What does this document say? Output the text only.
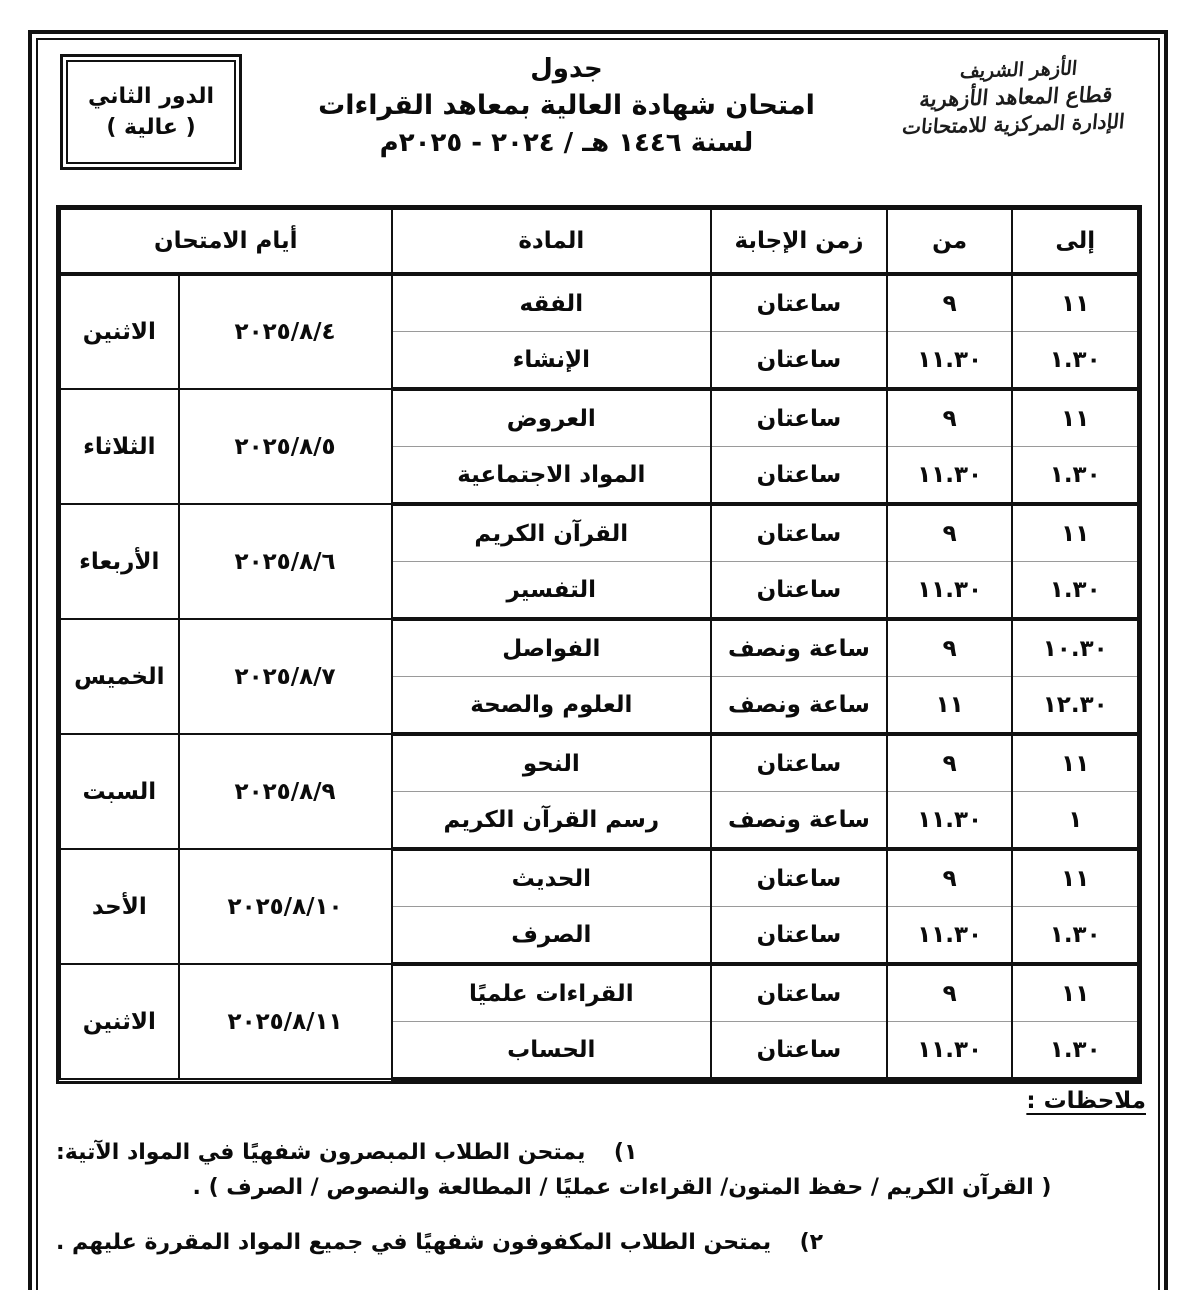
الدور الثاني
( عالية )
جدول
امتحان شهادة العالية بمعاهد القراءات
لسنة ١٤٤٦ هـ / ٢٠٢٤ - ٢٠٢٥م
الأزهر الشريف
قطاع المعاهد الأزهرية
الإدارة المركزية للامتحانات
إلى	من	زمن الإجابة	المادة	أيام الامتحان	
١١	٩	ساعتان	الفقه	٢٠٢٥/٨/٤	الاثنين
١.٣٠	١١.٣٠	ساعتان	الإنشاء		
١١	٩	ساعتان	العروض	٢٠٢٥/٨/٥	الثلاثاء
١.٣٠	١١.٣٠	ساعتان	المواد الاجتماعية		
١١	٩	ساعتان	القرآن الكريم	٢٠٢٥/٨/٦	الأربعاء
١.٣٠	١١.٣٠	ساعتان	التفسير		
١٠.٣٠	٩	ساعة ونصف	الفواصل	٢٠٢٥/٨/٧	الخميس
١٢.٣٠	١١	ساعة ونصف	العلوم والصحة		
١١	٩	ساعتان	النحو	٢٠٢٥/٨/٩	السبت
١	١١.٣٠	ساعة ونصف	رسم القرآن الكريم		
١١	٩	ساعتان	الحديث	٢٠٢٥/٨/١٠	الأحد
١.٣٠	١١.٣٠	ساعتان	الصرف		
١١	٩	ساعتان	القراءات علميًا	٢٠٢٥/٨/١١	الاثنين
١.٣٠	١١.٣٠	ساعتان	الحساب		
ملاحظات :
١)
يمتحن الطلاب المبصرون شفهيًا في المواد الآتية:
( القرآن الكريم / حفظ المتون/ القراءات عمليًا / المطالعة والنصوص / الصرف ) .
٢)
يمتحن الطلاب المكفوفون شفهيًا في جميع المواد المقررة عليهم .
